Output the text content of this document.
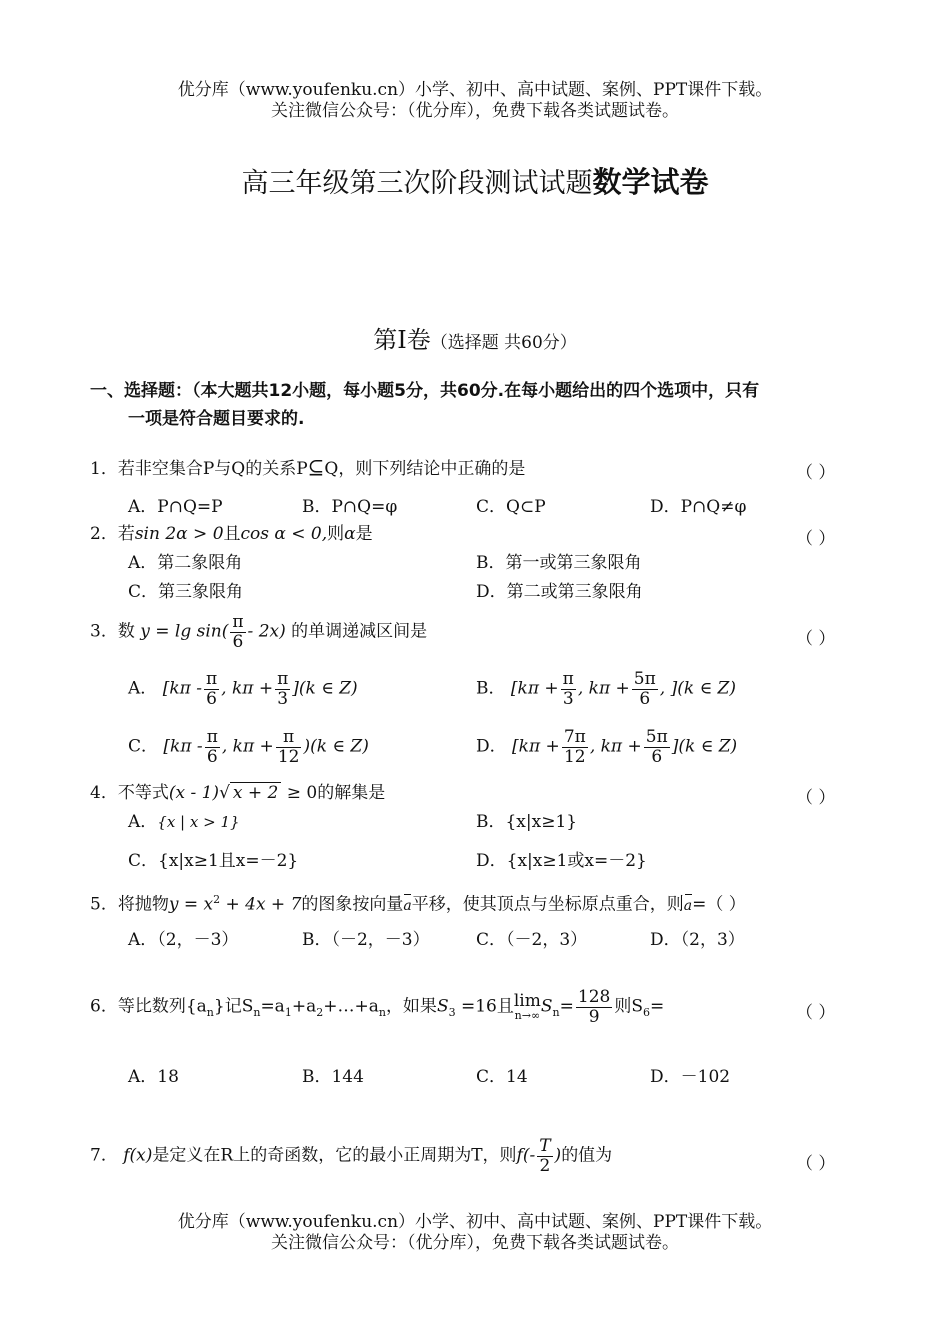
优分库（www.youfenku.cn）小学、初中、高中试题、案例、PPT课件下载。
关注微信公众号：（优分库），免费下载各类试题试卷。
高三年级第三次阶段测试试题数学试卷
第Ⅰ卷（选择题 共60分）
一、选择题：（本大题共12小题，每小题5分，共60分.在每小题给出的四个选项中，只有
一项是符合题目要求的.
1．若非空集合P与Q的关系P⊆Q，则下列结论中正确的是	（ ）
A．P∩Q=P	B．P∩Q=φ	C．Q⊂P	D．P∩Q≠φ
2．若sin 2α > 0且cos α < 0,则α是	（ ）
A．第二象限角	B．第一或第三象限角
C．第三象限角	D．第二或第三象限角
3．数 $y = \lg \sin( \frac{\pi}{6} - 2x)$ 的单调递减区间是	（ ）
A． [$k\pi - \frac{\pi}{6}$ , $k\pi + \frac{\pi}{3} ](k$ ∈ Z)	B． [$k\pi + \frac{\pi}{3}$ , $k\pi + \frac{5\pi}{6}$ , ](k ∈ Z)
C． [$k\pi - \frac{\pi}{6}$ , $k\pi + \frac{\pi}{12} )(k$ ∈ Z)	D． [$k\pi + \frac{7\pi}{12}$ , $k\pi + \frac{5\pi}{6} ](k$ ∈ Z)
4．不等式(x - 1)√ x + 2 ≥ 0的解集是	（ ）
A．{x | x > 1}	B．{x|x≥1}
C．{x|x≥1且x=－2}	D．{x|x≥1或x=－2}
5．将抛物$y = x^2 + 4x + 7$的图象按向量a平移，使其顶点与坐标原点重合，则a=（ ）
A．（2，－3）	B．（－2，－3）	C．（－2，3）	D．（2，3）
6．等比数列$\{a_n\}$记$S_n=a_1+a_2+\dots+a_n$，如果$S_3 =16$且lim
n→∞ $S_n= \frac{128}{9}$ 则$S_6=$	（ ）
A．18	B．144	C．14	D．－102
7． f(x)是定义在R上的奇函数，它的最小正周期为T，则$f(- \frac{T}{2}$ )的值为	（ ）
优分库（www.youfenku.cn）小学、初中、高中试题、案例、PPT课件下载。
关注微信公众号：（优分库），免费下载各类试题试卷。
